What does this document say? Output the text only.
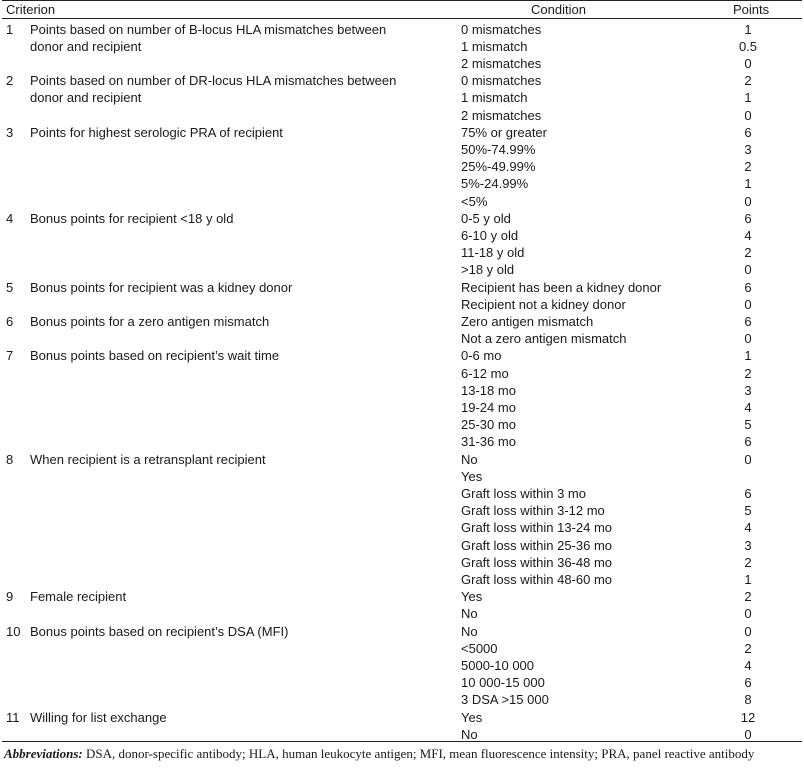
Criterion	Condition	Points
1 Points based on number of B-locus HLA mismatches between
donor and recipient
0 mismatches	1
1 mismatch	0.5
2 mismatches	0
2 Points based on number of DR-locus HLA mismatches between
donor and recipient
0 mismatches	2
1 mismatch	1
2 mismatches	0
3 Points for highest serologic PRA of recipient	75% or greater	6
50%-74.99%	3
25%-49.99%	2
5%-24.99%	1
<5%	0
4 Bonus points for recipient <18 y old	0-5 y old	6
6-10 y old	4
11-18 y old	2
>18 y old	0
5 Bonus points for recipient was a kidney donor	Recipient has been a kidney donor	6
Recipient not a kidney donor	0
6 Bonus points for a zero antigen mismatch	Zero antigen mismatch	6
Not a zero antigen mismatch	0
7 Bonus points based on recipient’s wait time	0-6 mo	1
6-12 mo	2
13-18 mo	3
19-24 mo	4
25-30 mo	5
31-36 mo	6
8 When recipient is a retransplant recipient	No	0
Yes
Graft loss within 3 mo	6
Graft loss within 3-12 mo	5
Graft loss within 13-24 mo	4
Graft loss within 25-36 mo	3
Graft loss within 36-48 mo	2
Graft loss within 48-60 mo	1
9 Female recipient	Yes	2
No	0
10 Bonus points based on recipient’s DSA (MFI)	No	0
<5000	2
5000-10 000	4
10 000-15 000	6
3 DSA >15 000	8
11 Willing for list exchange	Yes	12
No	0
Abbreviations: DSA, donor-specific antibody; HLA, human leukocyte antigen; MFI, mean fluorescence intensity; PRA, panel reactive antibody
